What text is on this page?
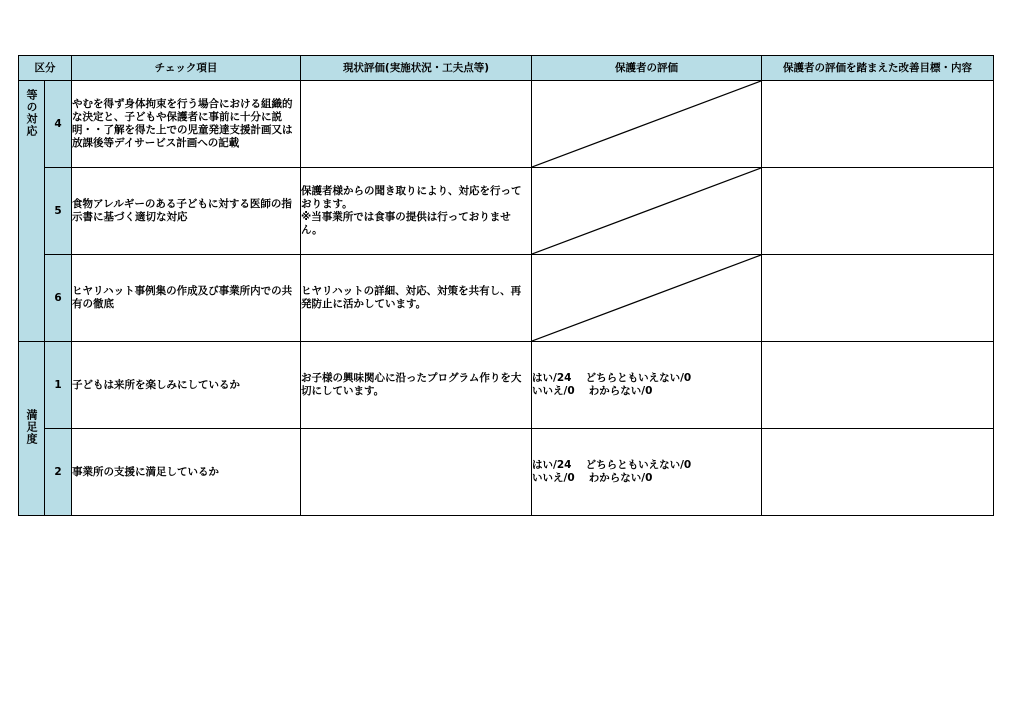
区分		チェック項目	現状評価(実施状況・工夫点等)	保護者の評価	保護者の評価を踏まえた改善目標・内容

等の対応	4	やむを得ず身体拘束を行う場合における組織的な決定と、子どもや保護者に事前に十分に説明・・了解を得た上での児童発達支援計画又は放課後等デイサービス計画への記載		

	5	食物アレルギーのある子どもに対する医師の指示書に基づく適切な対応	保護者様からの聞き取りにより、対応を行っております。
※当事業所では食事の提供は行っておりません。	

	6	ヒヤリハット事例集の作成及び事業所内での共有の徹底	ヒヤリハットの詳細、対応、対策を共有し、再発防止に活かしています。	

満足度	1	子どもは来所を楽しみにしているか	お子様の興味関心に沿ったプログラム作りを大切にしています。	はい/24　 どちらともいえない/0
いいえ/0　 わからない/0	
	2	事業所の支援に満足しているか		はい/24　 どちらともいえない/0
いいえ/0　 わからない/0	
